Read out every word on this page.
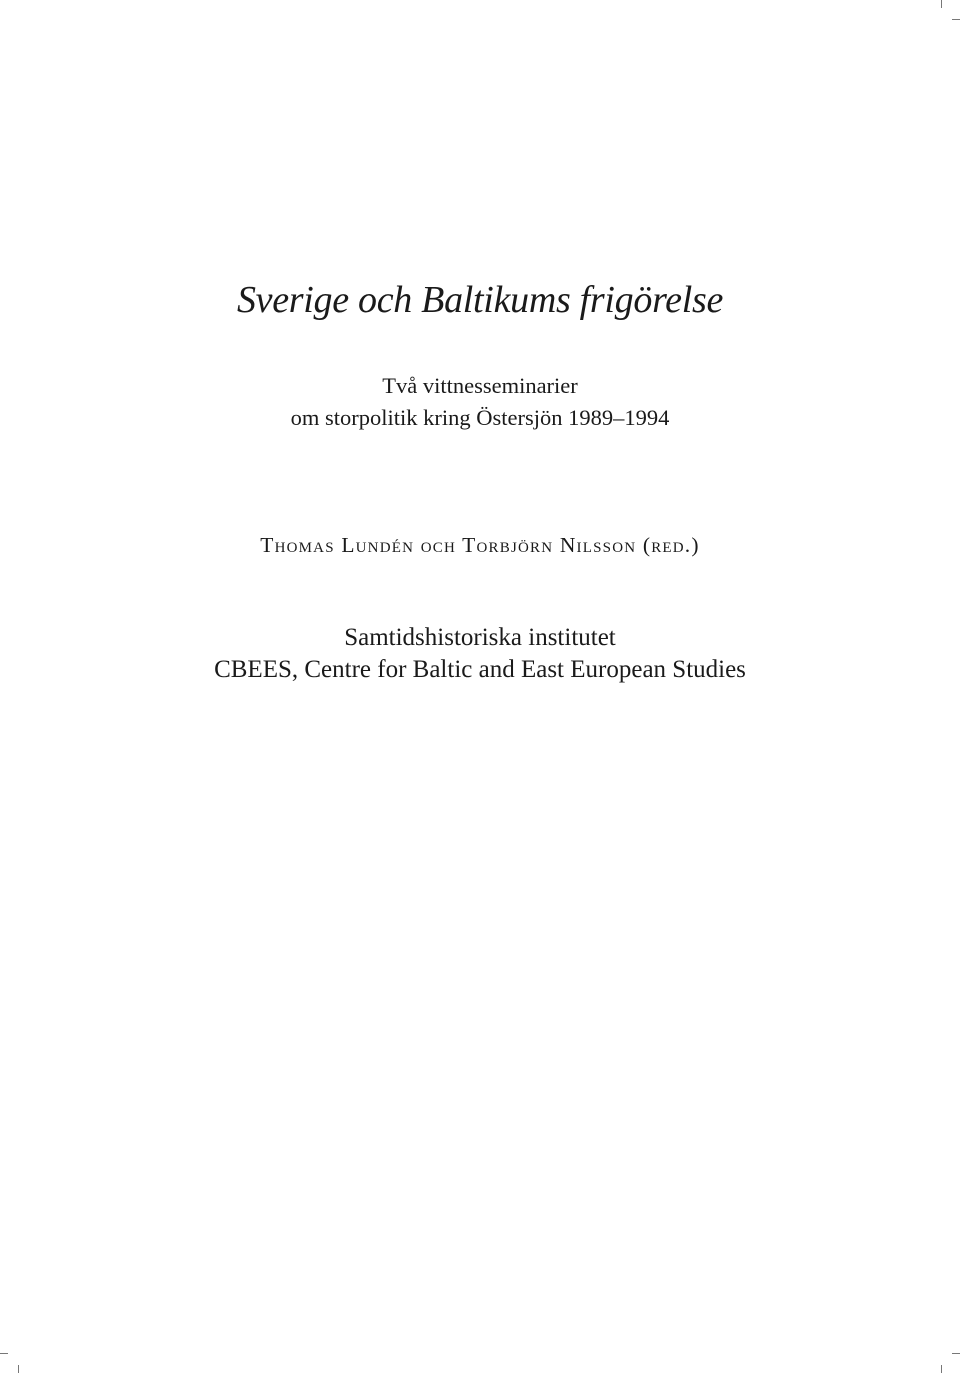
Sverige och Baltikums frigörelse
Två vittnesseminarier
om storpolitik kring Östersjön 1989–1994
Thomas Lundén och Torbjörn Nilsson (red.)
Samtidshistoriska institutet
CBEES, Centre for Baltic and East European Studies
